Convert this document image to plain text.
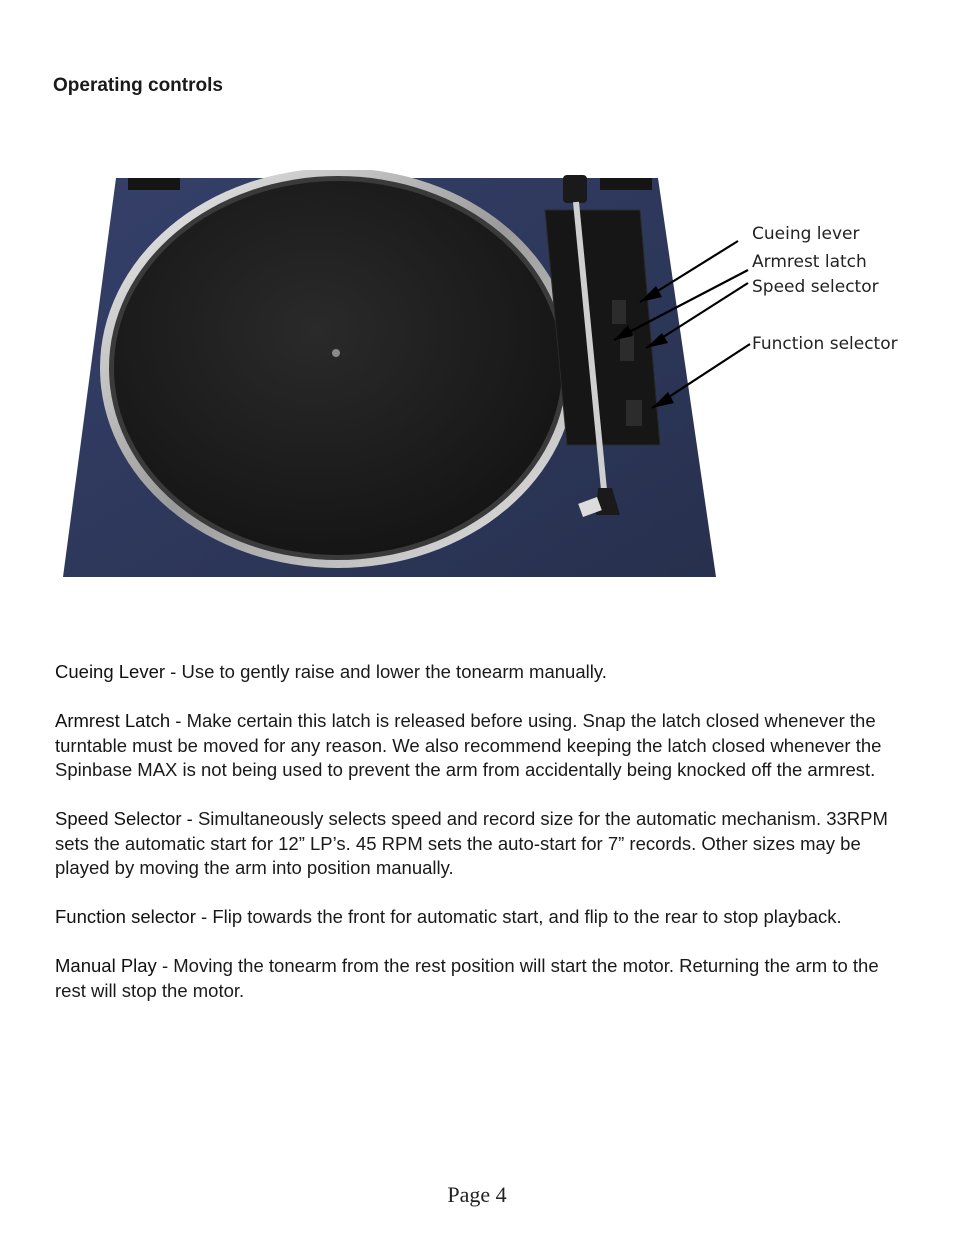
Operating controls
Cueing lever
Armrest latch
Speed selector
Function selector

Cueing Lever - Use to gently raise and lower the tonearm manually.

Armrest Latch - Make certain this latch is released before using. Snap the latch closed whenever the turntable must be moved for any reason. We also recommend keeping the latch closed whenever the Spinbase MAX is not being used to prevent the arm from accidentally being knocked off the armrest.

Speed Selector - Simultaneously selects speed and record size for the automatic mechanism. 33RPM sets the automatic start for 12” LP’s. 45 RPM sets the auto-start for 7” records. Other sizes may be played by moving the arm into position manually.

Function selector - Flip towards the front for automatic start, and ﬂip to the rear to stop playback.

Manual Play - Moving the tonearm from the rest position will start the motor. Returning the arm to the rest will stop the motor.

Page 4
